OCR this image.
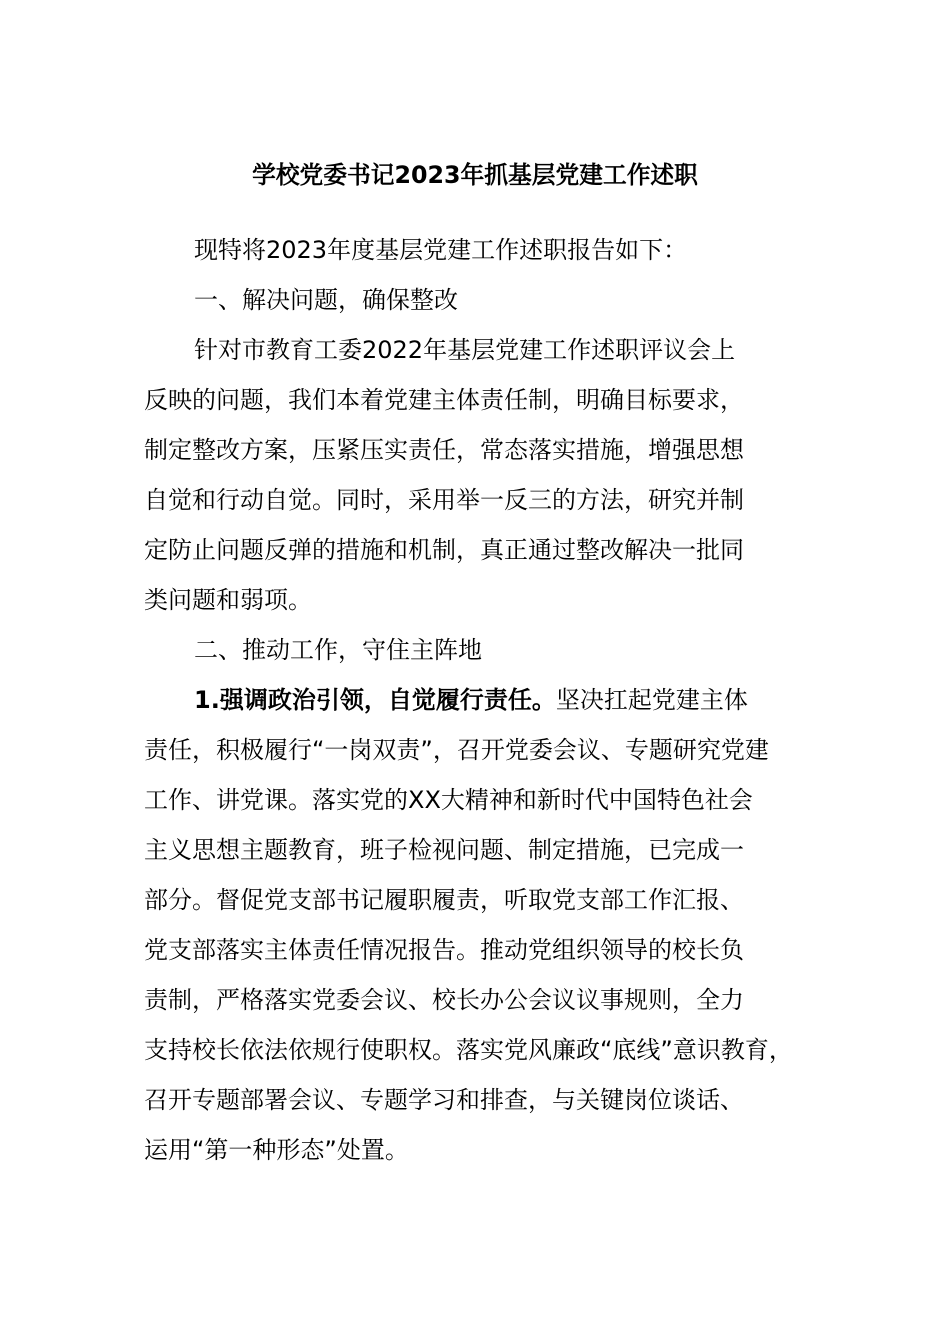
学校党委书记2023年抓基层党建工作述职
现特将2023年度基层党建工作述职报告如下：
一、解决问题，确保整改
针对市教育工委2022年基层党建工作述职评议会上
反映的问题，我们本着党建主体责任制，明确目标要求，
制定整改方案，压紧压实责任，常态落实措施，增强思想
自觉和行动自觉。同时，采用举一反三的方法，研究并制
定防止问题反弹的措施和机制，真正通过整改解决一批同
类问题和弱项。
二、推动工作，守住主阵地
1.强调政治引领，自觉履行责任。坚决扛起党建主体
责任，积极履行“一岗双责”，召开党委会议、专题研究党建
工作、讲党课。落实党的XX大精神和新时代中国特色社会
主义思想主题教育，班子检视问题、制定措施，已完成一
部分。督促党支部书记履职履责，听取党支部工作汇报、
党支部落实主体责任情况报告。推动党组织领导的校长负
责制，严格落实党委会议、校长办公会议议事规则，全力
支持校长依法依规行使职权。落实党风廉政“底线”意识教育，
召开专题部署会议、专题学习和排查，与关键岗位谈话、
运用“第一种形态”处置。
